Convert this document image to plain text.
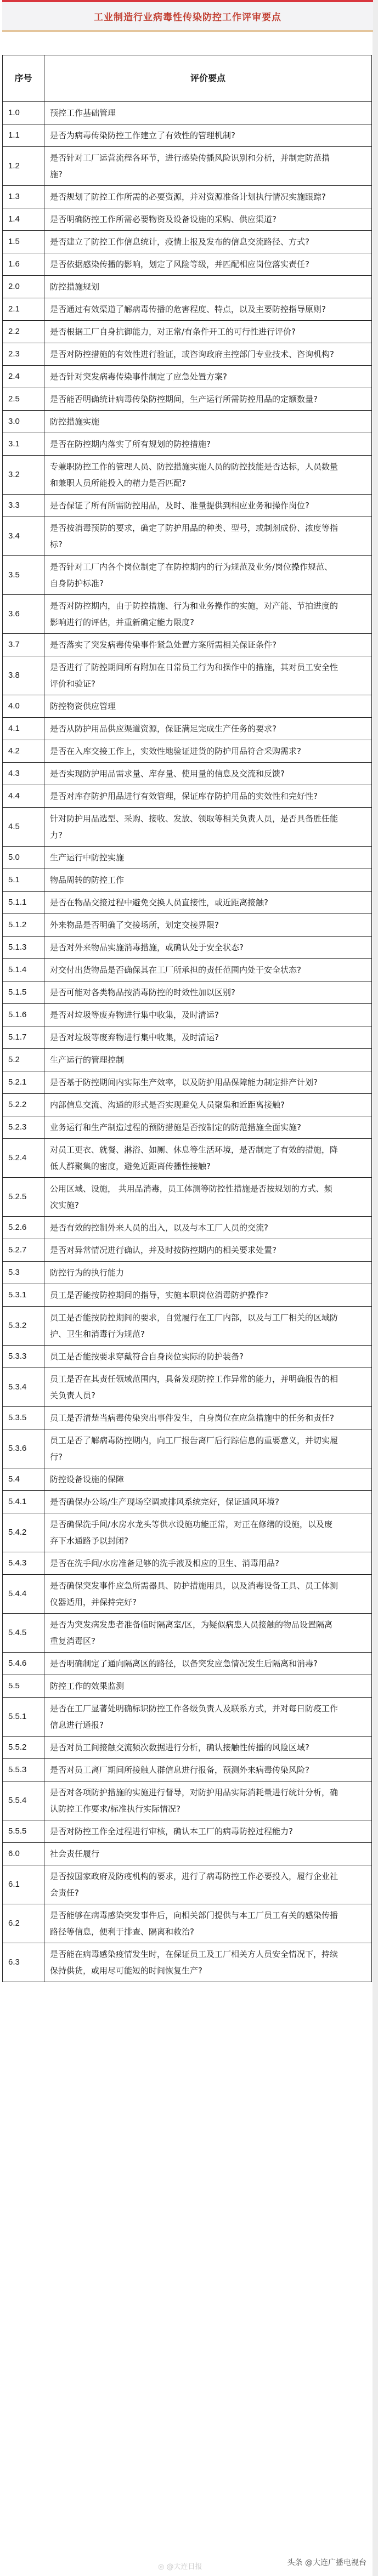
工业制造行业病毒性传染防控工作评审要点
序号	评价要点
1.0	预控工作基础管理
1.1	是否为病毒传染防控工作建立了有效性的管理机制?
1.2	是否针对工厂运营流程各环节，进行感染传播风险识别和分析，并制定防范措施?
1.3	是否规划了防控工作所需的必要资源，并对资源准备计划执行情况实施跟踪?
1.4	是否明确防控工作所需必要物资及设备设施的采购、供应渠道?
1.5	是否建立了防控工作信息统计，疫情上报及发布的信息交流路径、方式?
1.6	是否依据感染传播的影响，划定了风险等级，并匹配相应岗位落实责任?
2.0	防控措施规划
2.1	是否通过有效渠道了解病毒传播的危害程度、特点，以及主要防控指导原则?
2.2	是否根据工厂自身抗御能力，对正常/有条件开工的可行性进行评价?
2.3	是否对防控措施的有效性进行验证，或咨询政府主控部门专业技术、咨询机构?
2.4	是否针对突发病毒传染事件制定了应急处置方案?
2.5	是否能否明确统计病毒传染防控期间，生产运行所需防控用品的定额数量?
3.0	防控措施实施
3.1	是否在防控期内落实了所有规划的防控措施?
3.2	专兼职防控工作的管理人员、防控措施实施人员的防控技能是否达标，人员数量和兼职人员所能投入的精力是否匹配?
3.3	是否保证了所有所需防控用品，及时、准量提供到相应业务和操作岗位?
3.4	是否按消毒预防的要求，确定了防护用品的种类、型号，或制剂成份、浓度等指标?
3.5	是否针对工厂内各个岗位制定了在防控期内的行为规范及业务/岗位操作规范、自身防护标准?
3.6	是否对防控期内，由于防控措施、行为和业务操作的实施，对产能、节拍进度的影响进行的评估，并重新确定能力限度?
3.7	是否落实了突发病毒传染事件紧急处置方案所需相关保证条件?
3.8	是否进行了防控期间所有附加在日常员工行为和操作中的措施，其对员工安全性评价和验证?
4.0	防控物资供应管理
4.1	是否从防护用品供应渠道资源，保证满足完成生产任务的要求?
4.2	是否在入库交接工作上，实效性地验证进货的防护用品符合采购需求?
4.3	是否实现防护用品需求量、库存量、使用量的信息及交流和反馈?
4.4	是否对库存防护用品进行有效管理，保证库存防护用品的实效性和完好性?
4.5	针对防护用品选型、采购、接收、发放、领取等相关负责人员，是否具备胜任能力?
5.0	生产运行中防控实施
5.1	物品周转的防控工作
5.1.1	是否在物品交接过程中避免交换人员直接性，或近距离接触?
5.1.2	外来物品是否明确了交接场所，划定交接界限?
5.1.3	是否对外来物品实施消毒措施，或确认处于安全状态?
5.1.4	对交付出货物品是否确保其在工厂所承担的责任范围内处于安全状态?
5.1.5	是否可能对各类物品按消毒防控的时效性加以区别?
5.1.6	是否对垃圾等废弃物进行集中收集，及时清运?
5.1.7	是否对垃圾等废弃物进行集中收集，及时清运?
5.2	生产运行的管理控制
5.2.1	是否基于防控期间内实际生产效率，以及防护用品保障能力制定排产计划?
5.2.2	内部信息交流、沟通的形式是否实现避免人员聚集和近距离接触?
5.2.3	业务运行和生产制造过程的预防措施是否按制定的防范措施全面实施?
5.2.4	对员工更衣、就餐、淋浴、如厕、休息等生活环境，是否制定了有效的措施，降低人群聚集的密度，避免近距离传播性接触?
5.2.5	公用区域、设施， 共用品消毒，员工体测等防控性措施是否按规划的方式、频次实施?
5.2.6	是否有效的控制外来人员的出入，以及与本工厂人员的交流?
5.2.7	是否对异常情况进行确认，并及时按防控期内的相关要求处置?
5.3	防控行为的执行能力
5.3.1	员工是否能按防控期间的指导，实施本职岗位消毒防护操作?
5.3.2	员工是否能按防控期间的要求，自觉履行在工厂内部，以及与工厂相关的区域防护、卫生和消毒行为规范?
5.3.3	员工是否能按要求穿戴符合自身岗位实际的防护装备?
5.3.4	员工是否在其责任领域范围内，具备发现防控工作异常的能力，并明确报告的相关负责人员?
5.3.5	员工是否清楚当病毒传染突出事件发生，自身岗位在应急措施中的任务和责任?
5.3.6	员工是否了解病毒防控期内，向工厂报告离厂后行踪信息的重要意义，并切实履行?
5.4	防控设备设施的保障
5.4.1	是否确保办公场/生产现场空调或排风系统完好，保证通风环境?
5.4.2	是否确保洗手间/水房水龙头等供水设施功能正常，对正在修缮的设施，以及废弃下水通路予以封闭?
5.4.3	是否在洗手间/水房准备足够的洗手液及相应的卫生、消毒用品?
5.4.4	是否确保突发事件应急所需器具、防护措施用具，以及消毒设备工具、员工体测仪器适用，并保持完好?
5.4.5	是否为突发病发患者准备临时隔离室/区，为疑似病患人员接触的物品设置隔离重复消毒区?
5.4.6	是否明确制定了通向隔离区的路径，以备突发应急情况发生后隔离和消毒?
5.5	防控工作的效果监测
5.5.1	是否在工厂显著处明确标识防控工作各级负责人及联系方式，并对每日防疫工作信息进行通报?
5.5.2	是否对员工间接触交流频次数据进行分析，确认接触性传播的风险区域?
5.5.3	是否对员工离厂期间所接触人群信息进行报备，预测外来病毒传染风险?
5.5.4	是否对各项防护措施的实施进行督导，对防护用品实际消耗量进行统计分析，确认防控工作要求/标准执行实际情况?
5.5.5	是否对防控工作全过程进行审核，确认本工厂的病毒防控过程能力?
6.0	社会责任履行
6.1	是否按国家政府及防疫机构的要求，进行了病毒防控工作必要投入，履行企业社会责任?
6.2	是否能够在病毒感染突发事件后，向相关部门提供与本工厂员工有关的感染传播路径等信息，便利于排查、隔离和救治?
6.3	是否能在病毒感染疫情发生时，在保证员工及工厂相关方人员安全情况下，持续保持供货，或用尽可能短的时间恢复生产?
◎ @大连日报	头条 @大连广播电视台
